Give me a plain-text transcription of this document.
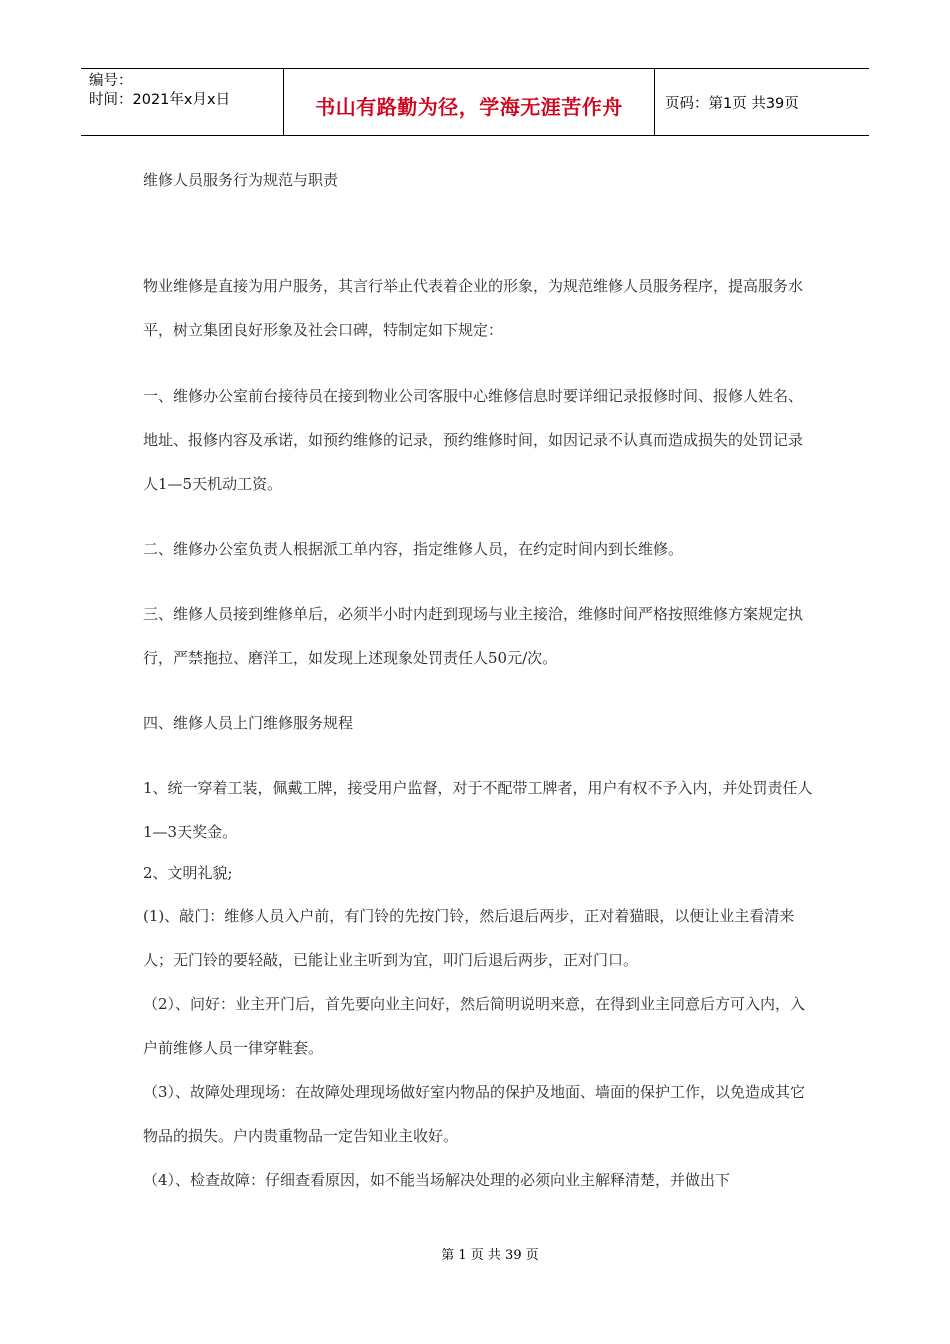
编号：
时间：2021年x月x日	书山有路勤为径，学海无涯苦作舟	页码：第1页 共39页

维修人员服务行为规范与职责

物业维修是直接为用户服务，其言行举止代表着企业的形象，为规范维修人员服务程序，提高服务水平，树立集团良好形象及社会口碑，特制定如下规定：

一、维修办公室前台接待员在接到物业公司客服中心维修信息时要详细记录报修时间、报修人姓名、地址、报修内容及承诺，如预约维修的记录，预约维修时间，如因记录不认真而造成损失的处罚记录人1—5天机动工资。

二、维修办公室负责人根据派工单内容，指定维修人员，在约定时间内到长维修。

三、维修人员接到维修单后，必须半小时内赶到现场与业主接洽，维修时间严格按照维修方案规定执行，严禁拖拉、磨洋工，如发现上述现象处罚责任人50元/次。

四、维修人员上门维修服务规程

1、统一穿着工装，佩戴工牌，接受用户监督，对于不配带工牌者，用户有权不予入内，并处罚责任人1—3天奖金。

2、文明礼貌;

(1)、敲门：维修人员入户前，有门铃的先按门铃，然后退后两步，正对着猫眼，以便让业主看清来人；无门铃的要轻敲，已能让业主听到为宜，叩门后退后两步，正对门口。

（2）、问好：业主开门后，首先要向业主问好，然后简明说明来意，在得到业主同意后方可入内，入户前维修人员一律穿鞋套。

（3）、故障处理现场：在故障处理现场做好室内物品的保护及地面、墙面的保护工作，以免造成其它物品的损失。户内贵重物品一定告知业主收好。

（4）、检查故障：仔细查看原因，如不能当场解决处理的必须向业主解释清楚，并做出下

第 1 页 共 39 页
